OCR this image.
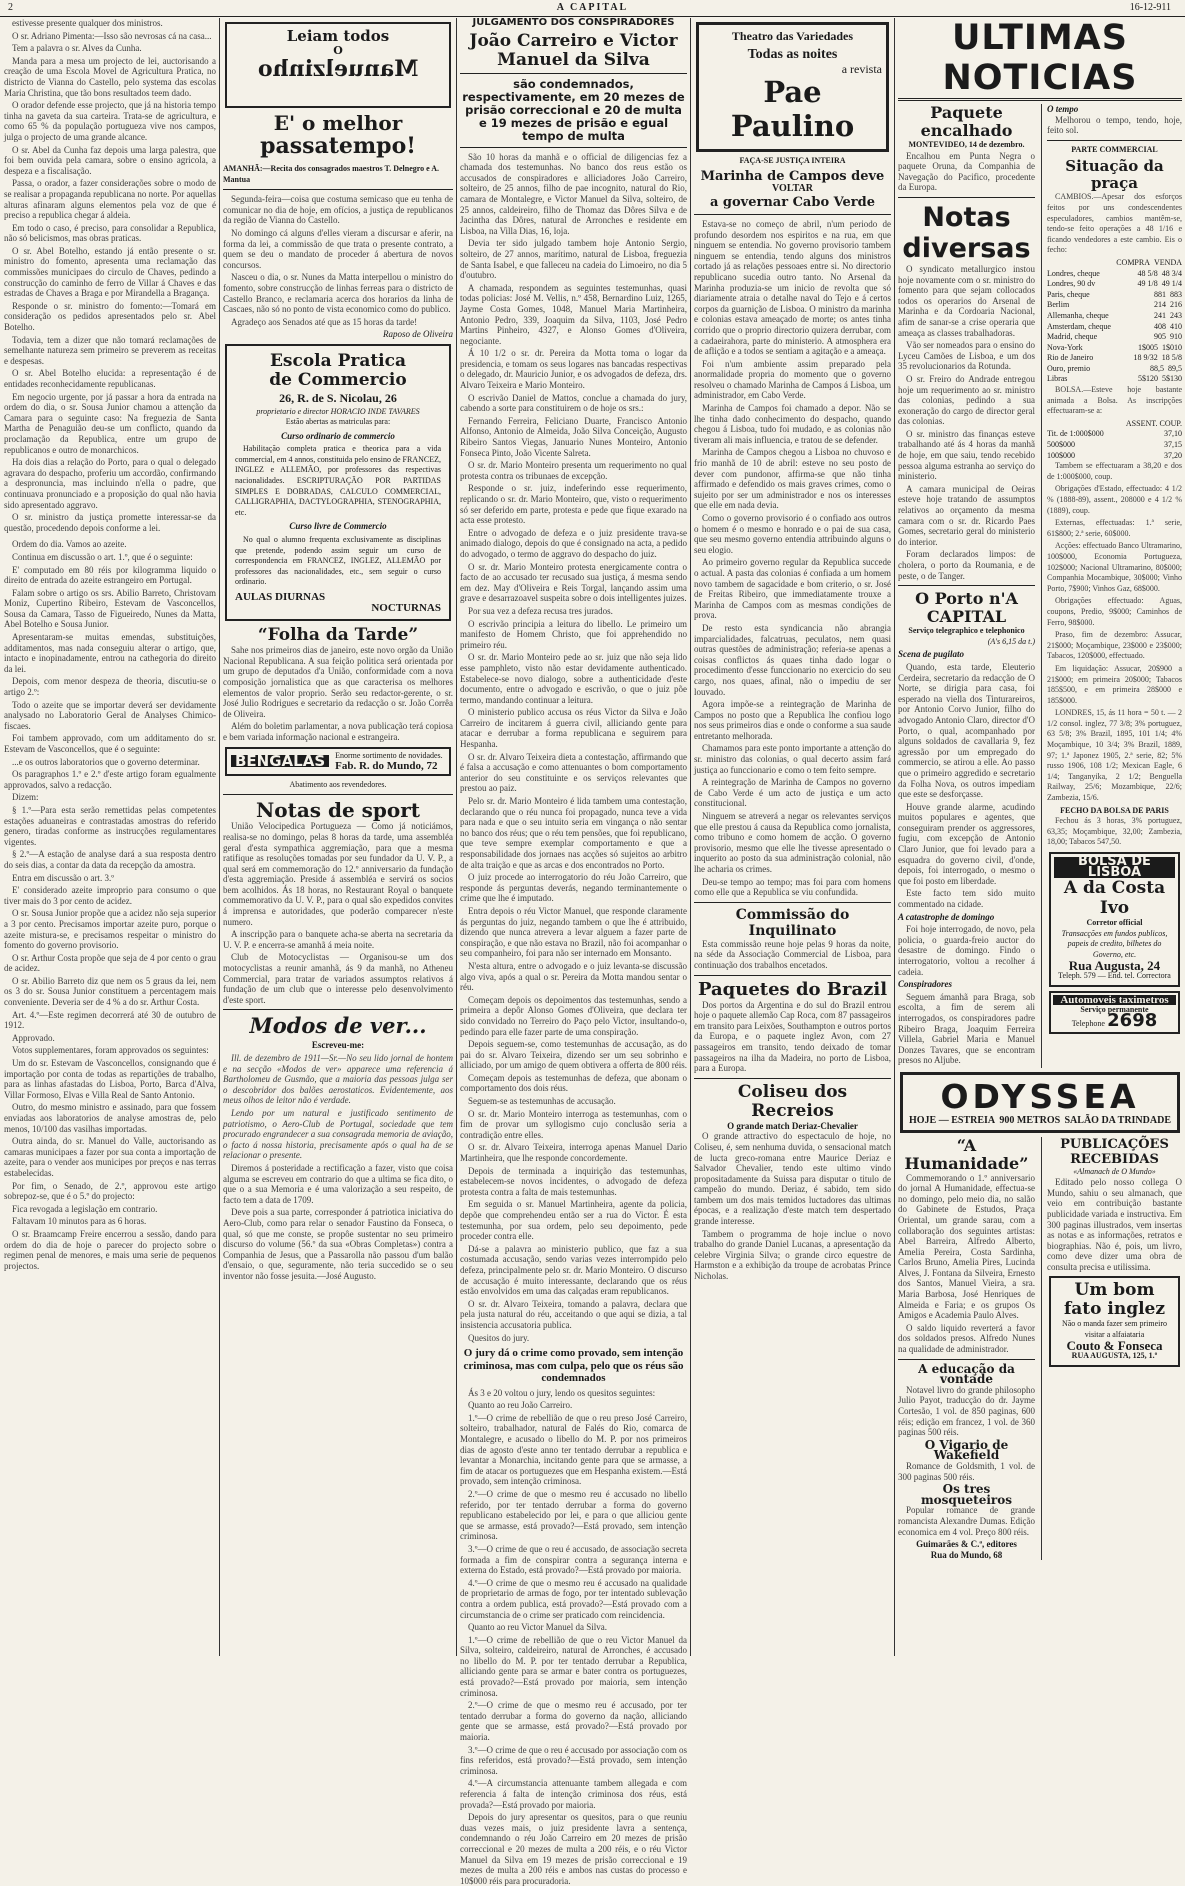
2	A CAPITAL	16-12-911

estivesse presente qualquer dos ministros.

O sr. Adriano Pimenta:—Isso são nevrosas cá na casa...

Tem a palavra o sr. Alves da Cunha.

Manda para a mesa um projecto de lei, auctorisando a creação de uma Escola Movel de Agricultura Pratica, no districto de Vianna do Castello, pelo systema das escolas Maria Christina, que tão bons resultados teem dado.

O orador defende esse projecto, que já na historia tempo tinha na gaveta da sua carteira. Trata-se de agricultura, e como 65 % da população portugueza vive nos campos, julga o projecto de uma grande alcance.

O sr. Abel da Cunha faz depois uma larga palestra, que foi bem ouvida pela camara, sobre o ensino agricola, a despeza e a fiscalisação.

Passa, o orador, a fazer considerações sobre o modo de se realisar a propaganda republicana no norte. Por aquellas alturas afinaram alguns elementos pela voz de que é preciso a republica chegar á aldeia.

Em todo o caso, é preciso, para consolidar a Republica, não só belicismos, mas obras praticas.

O sr. Abel Botelho, estando já então presente o sr. ministro do fomento, apresenta uma reclamação das commissões municipaes do circulo de Chaves, pedindo a construcção do caminho de ferro de Villar á Chaves e das estradas de Chaves a Braga e por Mirandella a Bragança.

Responde o sr. ministro do fomento:—Tomará em consideração os pedidos apresentados pelo sr. Abel Botelho.

Todavia, tem a dizer que não tomará reclamações de semelhante natureza sem primeiro se preverem as receitas e despesas.

O sr. Abel Botelho elucida: a representação é de entidades reconhecidamente republicanas.

Em negocio urgente, por já passar a hora da entrada na ordem do dia, o sr. Sousa Junior chamou a attenção da Camara para o seguinte caso: Na freguezia de Santa Martha de Penaguião deu-se um conflicto, quando da proclamação da Republica, entre um grupo de republicanos e outro de monarchicos.

Ha dois dias a relação do Porto, para o qual o delegado agravara do despacho, proferiu um accordão, confirmando a despronuncia, mas incluindo n'ella o padre, que continuava pronunciado e a proposição do qual não havia sido apresentado aggravo.

O sr. ministro da justiça promette interessar-se da questão, procedendo depois conforme a lei.

Ordem do dia. Vamos ao azeite.

Continua em discussão o art. 1.º, que é o seguinte:

E' computado em 80 réis por kilogramma liquido o direito de entrada do azeite estrangeiro em Portugal.

Falam sobre o artigo os srs. Abilio Barreto, Christovam Moniz, Cupertino Ribeiro, Estevam de Vasconcellos, Sousa da Camara, Tasso de Figueiredo, Nunes da Matta, Abel Botelho e Sousa Junior.

Apresentaram-se muitas emendas, substituições, additamentos, mas nada conseguiu alterar o artigo, que, intacto e inopinadamente, entrou na cathegoria do direito da lei.

Depois, com menor despeza de theoria, discutiu-se o artigo 2.º:

Todo o azeite que se importar deverá ser devidamente analysado no Laboratorio Geral de Analyses Chimico-fiscaes.

Foi tambem approvado, com um additamento do sr. Estevam de Vasconcellos, que é o seguinte:

...e os outros laboratorios que o governo determinar.

Os paragraphos 1.º e 2.º d'este artigo foram egualmente approvados, salvo a redacção.

Dizem:

§ 1.º—Para esta serão remettidas pelas competentes estações aduaneiras e contrastadas amostras do referido genero, tiradas conforme as instrucções regulamentares vigentes.

§ 2.º—A estação de analyse dará a sua resposta dentro do seis dias, a contar da data da recepção da amostra.

Entra em discussão o art. 3.º

E' considerado azeite improprio para consumo o que tiver mais do 3 por cento de acidez.

O sr. Sousa Junior propõe que a acidez não seja superior a 3 por cento. Precisamos importar azeite puro, porque o azeite mistura-se, e precisamos respeitar o ministro do fomento do governo provisorio.

O sr. Arthur Costa propõe que seja de 4 por cento o grau de acidez.

O sr. Abilio Barreto diz que nem os 5 graus da lei, nem os 3 do sr. Sousa Junior constituem a percentagem mais conveniente. Deveria ser de 4 % a do sr. Arthur Costa.

Art. 4.º—Este regimen decorrerá até 30 de outubro de 1912.

Approvado.

Votos supplementares, foram approvados os seguintes:

Um do sr. Estevam de Vasconcellos, consignando que é importação por conta de todas as repartições de trabalho, para as linhas afastadas do Lisboa, Porto, Barca d'Alva, Villar Formoso, Elvas e Villa Real de Santo Antonio.

Outro, do mesmo ministro e assinado, para que fossem enviadas aos laboratorios de analyse amostras de, pelo menos, 10/100 das vasilhas importadas.

Outra ainda, do sr. Manuel do Valle, auctorisando as camaras municipaes a fazer por sua conta a importação de azeite, para o vender aos municipes por preços e nas terras estabelecidas.

Por fim, o Senado, de 2.º, approvou este artigo sobrepoz-se, que é o 5.º do projecto:

Fica revogada a legislação em contrario.

Faltavam 10 minutos para as 6 horas.

O sr. Braamcamp Freire encerrou a sessão, dando para ordem do dia de hoje o parecer do projecto sobre o regimen penal de menores, e mais uma serie de pequenos projectos.

Leiam todos
O
Manuelzinho
E' o melhor
passatempo!
AMANHÃ:—Recita dos consagrados maestros T. Delnegro e A. Mantua

Segunda-feira—coisa que costuma semicaso que eu tenha de comunicar no dia de hoje, em ofícios, a justiça de republicanos da região de Vianna do Castello.

No domingo cá alguns d'elles vieram a discursar e aferir, na forma da lei, a commissão de que trata o presente contrato, a quem se deu o mandato de proceder á abertura de novos concursos.

Nasceu o dia, o sr. Nunes da Matta interpellou o ministro do fomento, sobre construcção de linhas ferreas para o districto de Castello Branco, e reclamaria acerca dos horarios da linha de Cascaes, não só no ponto de vista economico como do publico.

Agradeço aos Senados até que as 15 horas da tarde!

Raposo de Oliveira
Escola Pratica
de Commercio
26, R. de S. Nicolau, 26
proprietario e director HORACIO INDE TAVARES
Estão abertas as matriculas para:
Curso ordinario de commercio

Habilitação completa pratica e theorica para a vida commercial, em 4 annos, constituida pelo ensino de FRANCEZ, INGLEZ e ALLEMÃO, por professores das respectivas nacionalidades. ESCRIPTURAÇÃO POR PARTIDAS SIMPLES E DOBRADAS, CALCULO COMMERCIAL, CALLIGRAPHIA, DACTYLOGRAPHIA, STENOGRAPHIA, etc.

Curso livre de Commercio

No qual o alumno frequenta exclusivamente as disciplinas que pretende, podendo assim seguir um curso de correspondencia em FRANCEZ, INGLEZ, ALLEMÃO por professores das nacionalidades, etc., sem seguir o curso ordinario.

AULAS DIURNAS
NOCTURNAS
“Folha da Tarde”

Sahe nos primeiros dias de janeiro, este novo orgão da União Nacional Republicana. A sua feição politica será orientada por um grupo de deputados d'a União, conformidade com a nova composição jornalistica que as que caracterisa os melhores elementos de valor proprio. Serão seu redactor-gerente, o sr. José Julio Rodrigues e secretario da redacção o sr. João Corrêa de Oliveira.

Além do boletim parlamentar, a nova publicação terá copiosa e bem variada informação nacional e estrangeira.

BENGALAS	Enorme sortimento de novidades.
Fab. R. do Mundo, 72
Abatimento aos revendedores.
Notas de sport

União Velocipedica Portugueza — Como já noticiámos, realisa-se no domingo, pelas 8 horas da tarde, uma assembléa geral d'esta sympathica aggremiação, para que a mesma ratifique as resoluções tomadas por seu fundador da U. V. P., a qual será em commemoração do 12.º anniversario da fundação d'esta aggremiação. Preside á assembléa e servirá os socios bem acolhidos. Ás 18 horas, no Restaurant Royal o banquete commemorativo da U. V. P., para o qual são expedidos convites á imprensa e autoridades, que poderão comparecer n'este numero.

A inscripção para o banquete acha-se aberta na secretaria da U. V. P. e encerra-se amanhã á meia noite.

Club de Motocyclistas — Organisou-se um dos motocyclistas a reunir amanhã, ás 9 da manhã, no Atheneu Commercial, para tratar de variados assumptos relativos á fundação de um club que o interesse pelo desenvolvimento d'este sport.

Modos de ver...
Escreveu-me:

Ill. de dezembro de 1911—Sr.—No seu lido jornal de hontem e na secção «Modos de ver» apparece uma referencia á Bartholomeu de Gusmão, que a maioria das pessoas julga ser o descobridor dos balões aerostaticos. Evidentemente, aos meus olhos de leitor não é verdade.

Lendo por um natural e justificado sentimento de patriotismo, o Aero-Club de Portugal, sociedade que tem procurado engrandecer a sua consagrada memoria de aviação, o facto á nossa historia, precisamente após o qual ha de se relacionar o presente.

Diremos á posteridade a rectificação a fazer, visto que coisa alguma se escreveu em contrario do que a ultima se fica dito, o que o a sua Memoria e é uma valorização a seu respeito, de facto tem a data de 1709.

Deve pois a sua parte, corresponder á patriotica iniciativa do Aero-Club, como para relar o senador Faustino da Fonseca, o qual, só que me conste, se propôe sustentar no seu primeiro discurso do volume (56.º da sua «Obras Completas») contra a Companhia de Jesus, que a Passarolla não passou d'um balão d'ensaio, o que, seguramente, não teria succedido se o seu inventor não fosse jesuita.—José Augusto.

JULGAMENTO DOS CONSPIRADORES
João Carreiro e Victor Manuel da Silva
são condemnados, respectivamente, em 20 mezes de prisão correccional e 20 de multa e 19 mezes de prisão e egual tempo de multa

São 10 horas da manhã e o official de diligencias fez a chamada dos testemunhas. No banco dos reus estão os accusados de conspiradores e alliciadores João Carreiro, solteiro, de 25 annos, filho de pae incognito, natural do Rio, camara de Montalegre, e Victor Manuel da Silva, solteiro, de 25 annos, caldeireiro, filho de Thomaz das Dôres Silva e de Jacintha das Dôres, natural de Arronches e residente em Lisboa, na Villa Dias, 16, loja.

Devia ter sido julgado tambem hoje Antonio Sergio, solteiro, de 27 annos, marítimo, natural de Lisboa, freguezia de Santa Isabel, e que falleceu na cadeia do Limoeiro, no dia 5 d'outubro.

A chamada, respondem as seguintes testemunhas, quasi todas policias: José M. Vellis, n.º 458, Bernardino Luiz, 1265, Jayme Costa Gomes, 1048, Manuel Maria Martinheira, Antonio Pedro, 339, Joaquim da Silva, 1103, José Pedro Martins Pinheiro, 4327, e Alonso Gomes d'Oliveira, negociante.

Á 10 1/2 o sr. dr. Pereira da Motta toma o logar da presidencia, e tomam os seus logares nas bancadas respectivas o delegado, dr. Mauricio Junior, e os advogados de defeza, drs. Alvaro Teixeira e Mario Monteiro.

O escrivão Daniel de Mattos, conclue a chamada do jury, cabendo a sorte para constituirem o de hoje os srs.:

Fernando Ferreira, Feliciano Duarte, Francisco Antonio Alfonso, Antonio de Almeida, João Silva Conceição, Augusto Ribeiro Santos Viegas, Januario Nunes Monteiro, Antonio Fonseca Pinto, João Vicente Salreta.

O sr. dr. Mario Monteiro presenta um requerimento no qual protesta contra os tribunaes de excepção.

Responde o sr. juiz, indeferindo esse requerimento, replicando o sr. dr. Mario Monteiro, que, visto o requerimento só ser deferido em parte, protesta e pede que fique exarado na acta esse protesto.

Entre o advogado de defeza e o juiz presidente trava-se animado dialogo, depois do que é consignado na acta, a pedido do advogado, o termo de aggravo do despacho do juiz.

O sr. dr. Mario Monteiro protesta energicamente contra o facto de ao accusado ter recusado sua justiça, á mesma sendo em dez. May d'Oliveira e Reis Torgal, lançando assim uma grave e desarrazoavel suspeita sobre o dois intelligentes juizes.

Por sua vez a defeza recusa tres jurados.

O escrivão principia a leitura do libello. Le primeiro um manifesto de Homem Christo, que foi apprehendido no primeiro réu.

O sr. dr. Mario Monteiro pede ao sr. juiz que não seja lido esse pamphleto, visto não estar devidamente authenticado. Estabelece-se novo dialogo, sobre a authenticidade d'este documento, entre o advogado e escrivão, o que o juiz põe termo, mandando continuar a leitura.

O ministerio publico accusa os réus Victor da Silva e João Carreiro de incitarem á guerra civil, alliciando gente para atacar e derrubar a forma republicana e seguirem para Hespanha.

O sr. dr. Alvaro Teixeira dieta a contestação, affirmando que é falsa a accusação e como attenuantes o bom comportamento anterior do seu constituinte e os serviços relevantes que prestou ao paiz.

Pelo sr. dr. Mario Monteiro é lida tambem uma contestação, declarando que o réu nunca foi propagado, nunca teve a vida para nada e que o seu intuito seria em vingança o não sentar no banco dos réus; que o réu tem pensões, que foi republicano, que teve sempre exemplar comportamento e que a responsabilidade dos jornaes nas acções só sujeitos ao arbitro de alta traição e que as arcas e dos encontrados no Porto.

O juiz procede ao interrogatorio do réu João Carreiro, que responde ás perguntas deverás, negando terminantemente o crime que lhe é imputado.

Entra depois o réu Victor Manuel, que responde claramente ás perguntas do juiz, negando tambem o que lhe é attribuido, dizendo que nunca atrevera a levar alguem a fazer parte de conspiração, e que não estava no Brazil, não foi acompanhar o seu companheiro, foi para não ser internado em Monsanto.

N'esta altura, entre o advogado e o juiz levanta-se discussão algo viva, após a qual o sr. Pereira da Motta mandou sentar o réu.

Começam depois os depoimentos das testemunhas, sendo a primeira a depôr Alonso Gomes d'Oliveira, que declara ter sido convidado no Terreiro do Paço pelo Victor, insultando-o, pedindo para elle fazer parte de uma conspiração.

Depois seguem-se, como testemunhas de accusação, as do pai do sr. Alvaro Teixeira, dizendo ser um seu sobrinho e alliciado, por um amigo de quem obtivera a offerta de 800 réis.

Começam depois as testemunhas de defeza, que abonam o comportamento dos dois réus.

Seguem-se as testemunhas de accusação.

O sr. dr. Mario Monteiro interroga as testemunhas, com o fim de provar um syllogismo cujo conclusão seria a contradição entre elles.

O sr. dr. Alvaro Teixeira, interroga apenas Manuel Dario Martinheira, que lhe responde concordemente.

Depois de terminada a inquirição das testemunhas, estabelecem-se novos incidentes, o advogado de defeza protesta contra a falta de mais testemunhas.

Em seguida o sr. Manuel Martinheira, agente da policia, depõe que comprehendeu então ser a rua do Victor. É esta testemunha, por sua ordem, pelo seu depoimento, pede proceder contra elle.

Dá-se a palavra ao ministerio publico, que faz a sua costumada accusação, sendo varias vezes interrompido pelo defeza, principalmente pelo sr. dr. Mario Monteiro. O discurso de accusação é muito interessante, declarando que os réus estão envolvidos em uma das calçadas eram republicanos.

O sr. dr. Alvaro Teixeira, tomando a palavra, declara que pela justa natural do réu, acceitando o que aqui se dizia, a tal insistencia accusatoria publica.

Quesitos do jury.

O jury dá o crime como provado, sem intenção criminosa, mas com culpa, pelo que os réus são condemnados

Ás 3 e 20 voltou o jury, lendo os quesitos seguintes:

Quanto ao reu João Carreiro.

1.º—O crime de rebellião de que o reu preso José Carreiro, solteiro, trabalhador, natural de Falés do Rio, comarca de Montalegre, e acusado o libello do M. P. por nos primeiros dias de agosto d'este anno ter tentado derrubar a republica e levantar a Monarchia, incitando gente para que se armasse, a fim de atacar os portuguezes que em Hespanha existem.—Está provado, sem intenção criminosa.

2.º—O crime de que o mesmo reu é accusado no libello referido, por ter tentado derrubar a forma do governo republicano estabelecido por lei, e para o que alliciou gente que se armasse, está provado?—Está provado, sem intenção criminosa.

3.º—O crime de que o reu é accusado, de associação secreta formada a fim de conspirar contra a segurança interna e externa do Estado, está provado?—Está provado por maioria.

4.º—O crime de que o mesmo reu é accusado na qualidade de proprietario de armas de fogo, por ter intentado sublevação contra a ordem publica, está provado?—Está provado com a circumstancia de o crime ser praticado com reincidencia.

Quanto ao reu Victor Manuel da Silva.

1.º—O crime de rebellião de que o reu Victor Manuel da Silva, solteiro, caldeireiro, natural de Arronches, é accusado no libello do M. P. por ter tentado derrubar a Republica, alliciando gente para se armar e bater contra os portuguezes, está provado?—Está provado por maioria, sem intenção criminosa.

2.º—O crime de que o mesmo reu é accusado, por ter tentado derrubar a forma do governo da nação, alliciando gente que se armasse, está provado?—Está provado por maioria.

3.º—O crime de que o reu é accusado por associação com os fins referidos, está provado?—Está provado, sem intenção criminosa.

4.º—A circumstancia attenuante tambem allegada e com referencia á falta de intenção criminosa dos réus, está provada?—Está provado por maioria.

Depois do jury apresentar os quesitos, para o que reuniu duas vezes mais, o juiz presidente lavra a sentença, condemnando o réu João Carreiro em 20 mezes de prisão correccional e 20 mezes de multa a 200 réis, e o réu Victor Manuel da Silva em 19 mezes de prisão correccional e 19 mezes de multa a 200 réis e ambos nas custas do processo e 10$000 réis para procuradoria.

Theatro das Variedades
Todas as noites
a revista
Pae Paulino
FAÇA-SE JUSTIÇA INTEIRA
Marinha de Campos deve
VOLTAR
a governar Cabo Verde

Estava-se no começo de abril, n'um periodo de profundo desordem nos espiritos e na rua, em que ninguem se entendia. No governo provisorio tambem ninguem se entendia, tendo alguns dos ministros cortado já as relações pessoaes entre si. No directorio republicano sucedia outro tanto. No Arsenal da Marinha produzia-se um inicio de revolta que só diariamente atraia o detalhe naval do Tejo e á certos corpos da guarnição de Lisboa. O ministro da marinha e colonias estava ameaçado de morte; os antes tinha corrido que o proprio directorio quizera derrubar, com a cadaeirahora, parte do ministerio. A atmosphera era de aflição e a todos se sentiam a agitação e a ameaça.

Foi n'um ambiente assim preparado pela anormalidade propria do momento que o governo resolveu o chamado Marinha de Campos á Lisboa, um administrador, em Cabo Verde.

Marinha de Campos foi chamado a depor. Não se lhe tinha dado conhecimento do despacho, quando chegou á Lisboa, tudo foi mudado, e as colonias não tiveram ali mais influencia, e tratou de se defender.

Marinha de Campos chegou a Lisboa no chuvoso e frio manhã de 10 de abril: esteve no seu posto de dever com pundonor, affirma-se que não tinha affirmado e defendido os mais graves crimes, como o sujeito por ser um administrador e nos os interesses que elle em nada devia.

Como o governo provisorio é o confiado aos outros o homem é o mesmo e honrado e o pai de sua casa, que seu mesmo governo entendia attribuindo alguns o seu elogio.

Ao primeiro governo regular da Republica succede o actual. A pasta das colonias é confiada a um homem novo tambem de sagacidade e bom criterio, o sr. José de Freitas Ribeiro, que immediatamente trouxe a Marinha de Campos com as mesmas condições de prova.

De resto esta syndicancia não abrangia imparcialidades, falcatruas, peculatos, nem quasi outras questões de administração; referia-se apenas a coisas conflictos ás quaes tinha dado logar o procedimento d'esse funccionario no exercicio do seu cargo, nos quaes, afinal, não o impediu de ser louvado.

Agora impõe-se a reintegração de Marinha de Campos no posto que a Republica lhe confiou logo nos seus primeiros dias e onde o conforme a sua saude entretanto melhorada.

Chamamos para este ponto importante a attenção do sr. ministro das colonias, o qual decerto assim fará justiça ao funccionario e como o tem feito sempre.

A reintegração de Marinha de Campos no governo de Cabo Verde é um acto de justiça e um acto constitucional.

Ninguem se atreverá a negar os relevantes serviços que elle prestou á causa da Republica como jornalista, como tribuno e como homem de acção. O governo provisorio, mesmo que elle lhe tivesse apresentado o inquerito ao posto da sua administração colonial, não lhe acharia os crimes.

Deu-se tempo ao tempo; mas foi para com homens como elle que a Republica se viu confundida.

Commissão do Inquilinato

Esta commissão reune hoje pelas 9 horas da noite, na séde da Associação Commercial de Lisboa, para continuação dos trabalhos encetados.

Paquetes do Brazil

Dos portos da Argentina e do sul do Brazil entrou hoje o paquete allemão Cap Roca, com 87 passageiros em transito para Leixões, Southampton e outros portos da Europa, e o paquete inglez Avon, com 27 passageiros em transito, tendo deixado de tomar passageiros na ilha da Madeira, no porto de Lisboa, para a Europa.

Coliseu dos Recreios
O grande match Deriaz-Chevalier

O grande attractivo do espectaculo de hoje, no Coliseu, é, sem nenhuma duvida, o sensacional match de lucta greco-romana entre Maurice Deriaz e Salvador Chevalier, tendo este ultimo vindo propositadamente da Suissa para disputar o titulo de campeão do mundo. Deriaz, é sabido, tem sido tambem um dos mais temidos luctadores das ultimas épocas, e a realização d'este match tem despertado grande interesse.

Tambem o programma de hoje inclue o novo trabalho do grande Daniel Lucanas, a apresentação da celebre Virginia Silva; o grande circo equestre de Harmston e a exhibição da troupe de acrobatas Prince Nicholas.

ULTIMAS NOTICIAS
Paquete encalhado
MONTEVIDEO, 14 de dezembro.

Encalhou em Punta Negra o paquete Oruna, da Companhia de Navegação do Pacifico, procedente da Europa.

Notas diversas

O syndicato metallurgico instou hoje novamente com o sr. ministro do fomento para que sejam collocados todos os operarios do Arsenal de Marinha e da Cordoaria Nacional, afim de sanar-se a crise operaria que ameaça as classes trabalhadoras.

Vão ser nomeados para o ensino do Lyceu Camões de Lisboa, e um dos 35 revolucionarios da Rotunda.

O sr. Freiro do Andrade entregou hoje um requerimento ao sr. ministro das colonias, pedindo a sua exoneração do cargo de director geral das colonias.

O sr. ministro das finanças esteve trabalhando até ás 4 horas da manhã de hoje, em que saiu, tendo recebido pessoa alguma estranha ao serviço do ministerio.

A camara municipal de Oeiras esteve hoje tratando de assumptos relativos ao orçamento da mesma camara com o sr. dr. Ricardo Paes Gomes, secretario geral do ministerio do interior.

Foram declarados limpos: de cholera, o porto da Roumania, e de peste, o de Tanger.

O Porto n'A CAPITAL
Serviço telegraphico e telephonico
(A's 6,15 da t.)
Scena de pugilato

Quando, esta tarde, Eleuterio Cerdeira, secretario da redacção de O Norte, se dirigia para casa, foi esperado na viella dos Tinturareiros, por Antonio Corvo Junior, filho do advogado Antonio Claro, director d'O Porto, o qual, acompanhado por alguns soldados de cavallaria 9, fez agressão por um empregado do commercio, se atirou a elle. Ao passo que o primeiro aggredido e secretario da Folha Nova, os outros impediam que este se desforçasse.

Houve grande alarme, acudindo muitos populares e agentes, que conseguiram prender os aggressores, fugiu, com excepção de Antonio Claro Junior, que foi levado para a esquadra do governo civil, d'onde, depois, foi interrogado, o mesmo o que foi posto em liberdade.

Este facto tem sido muito commentado na cidade.

A catastrophe de domingo

Foi hoje interrogado, de novo, pela policia, o guarda-freio auctor do desastre de domingo. Findo o interrogatorio, voltou a recolher á cadeia.

Conspiradores

Seguem ámanhã para Braga, sob escolta, a fim de serem ali interrogados, os conspiradores padre Ribeiro Braga, Joaquim Ferreira Villela, Gabriel Maria e Manuel Donzes Tavares, que se encontram presos no Aljube.

O tempo

Melhorou o tempo, tendo, hoje, feito sol.

PARTE COMMERCIAL
Situação da praça

CAMBIOS.—Apesar dos esforços feitos por uns condescendentes especuladores, cambios mantêm-se, tendo-se feito operações a 48 1/16 e ficando vendedores a este cambio. Eis o fecho:

COMPRA VENDA
Londres, cheque	48 5/8 48 3/4
Londres, 90 dv	49 1/8 49 1/4
Paris, cheque	881 883
Berlim	214 216
Allemanha, cheque	241 243
Amsterdam, cheque	408 410
Madrid, cheque	905 910
Nova-York	1$005 1$010
Rio de Janeiro	18 9/32 18 5/8
Ouro, premio	88,5 89,5
Libras	5$120 5$130

BOLSA.—Esteve hoje bastante animada a Bolsa. As inscripções effectuaram-se a:

ASSENT. COUP.
Tit. de 1:000$000	37,10
500$000	37,15
100$000	37,20

Tambem se effectuaram a 38,20 e dos de 1:000$000, coup.

Obrigações d'Estado, effectuado: 4 1/2 % (1888-89), assent., 208000 e 4 1/2 % (1889), coup.

Externas, effectuadas: 1.ª serie, 61$800; 2.ª serie, 60$000.

Acções: effectuado Banco Ultramarino, 100$000, Economia Portugueza, 102$000; Nacional Ultramarino, 80$000; Companhia Mocambique, 30$000; Vinho Porto, 7$900; Vinhos Gaz, 68$000.

Obrigações effectuado: Aguas, coupons, Predio, 9$000; Caminhos de Ferro, 98$000.

Praso, fim de dezembro: Assucar, 21$000; Moçambique, 23$000 e 23$000; Tabacos, 120$000, effectuado.

Em liquidação: Assucar, 20$900 a 21$000; em primeira 20$000; Tabacos 185$500, e em primeira 28$000 e 185$000.

LONDRES, 15, ás 11 hora = 50 t. — 2 1/2 consol. inglez, 77 3/8; 3% portuguez, 63 5/8; 3% Brazil, 1895, 101 1/4; 4% Moçambique, 10 3/4; 3% Brazil, 1889, 97; 1.ª Japonez 1905, 2.ª serie, 82; 5% russo 1906, 108 1/2; Mexican Eagle, 6 1/4; Tanganyika, 2 1/2; Benguella Railway, 25/6; Mozambique, 22/6; Zambezia, 15/6.

FECHO DA BOLSA DE PARIS

Fechou ás 3 horas, 3% portuguez, 63,35; Moçambique, 32,00; Zambezia, 18,00; Tabacos 547,50.

BOLSA DE LISBOA
A da Costa Ivo
Corretor official
Transacções em fundos publicos, papeis de credito, bilhetes do Governo, etc.
Rua Augusta, 24
Teleph. 579 — End. tel. Correctora
Automoveis taximetros
Serviço permanente
Telephone 2698
ODYSSEA
HOJE — ESTREIA 900 METROS SALÃO DA TRINDADE
“A Humanidade”

Commemorando o 1.º anniversario do jornal A Humanidade, effectua-se no domingo, pelo meio dia, no salão do Gabinete de Estudos, Praça Oriental, um grande sarau, com a collaboração dos seguintes artistas: Abel Barreira, Alfredo Alberto, Amelia Pereira, Costa Sardinha, Carlos Bruno, Amelia Pires, Lucinda Alves, J. Fontana da Silveira, Ernesto dos Santos, Manuel Vieira, a sra. Maria Barbosa, José Henriques de Almeida e Faria; e os grupos Os Amigos e Academia Paulo Alves.

O saldo liquido reverterá a favor dos soldados presos. Alfredo Nunes na qualidade de administrador.

A educação da vontade

Notavel livro do grande philosopho Julio Payot, traducção do dr. Jayme Cortesão, 1 vol. de 850 paginas, 600 réis; edição em francez, 1 vol. de 360 paginas 500 réis.

O Vigario de Wakefield

Romance de Goldsmith, 1 vol. de 300 paginas 500 réis.

Os tres mosqueteiros

Popular romance de grande romancista Alexandre Dumas. Edição economica em 4 vol. Preço 800 réis.

Guimarães & C.ª, editores
Rua do Mundo, 68
PUBLICAÇÕES RECEBIDAS
«Almanach de O Mundo»

Editado pelo nosso collega O Mundo, sahiu o seu almanach, que veio em contribuição bastante publicidade variada e instructiva. Em 300 paginas illustrados, vem insertas as notas e as informações, retratos e biographias. Não é, pois, um livro, como deve dizer uma obra de consulta precisa e utilissima.

Um bom fato inglez
Não o manda fazer sem primeiro visitar a alfaiataria
Couto & Fonseca
RUA AUGUSTA, 125, 1.º
